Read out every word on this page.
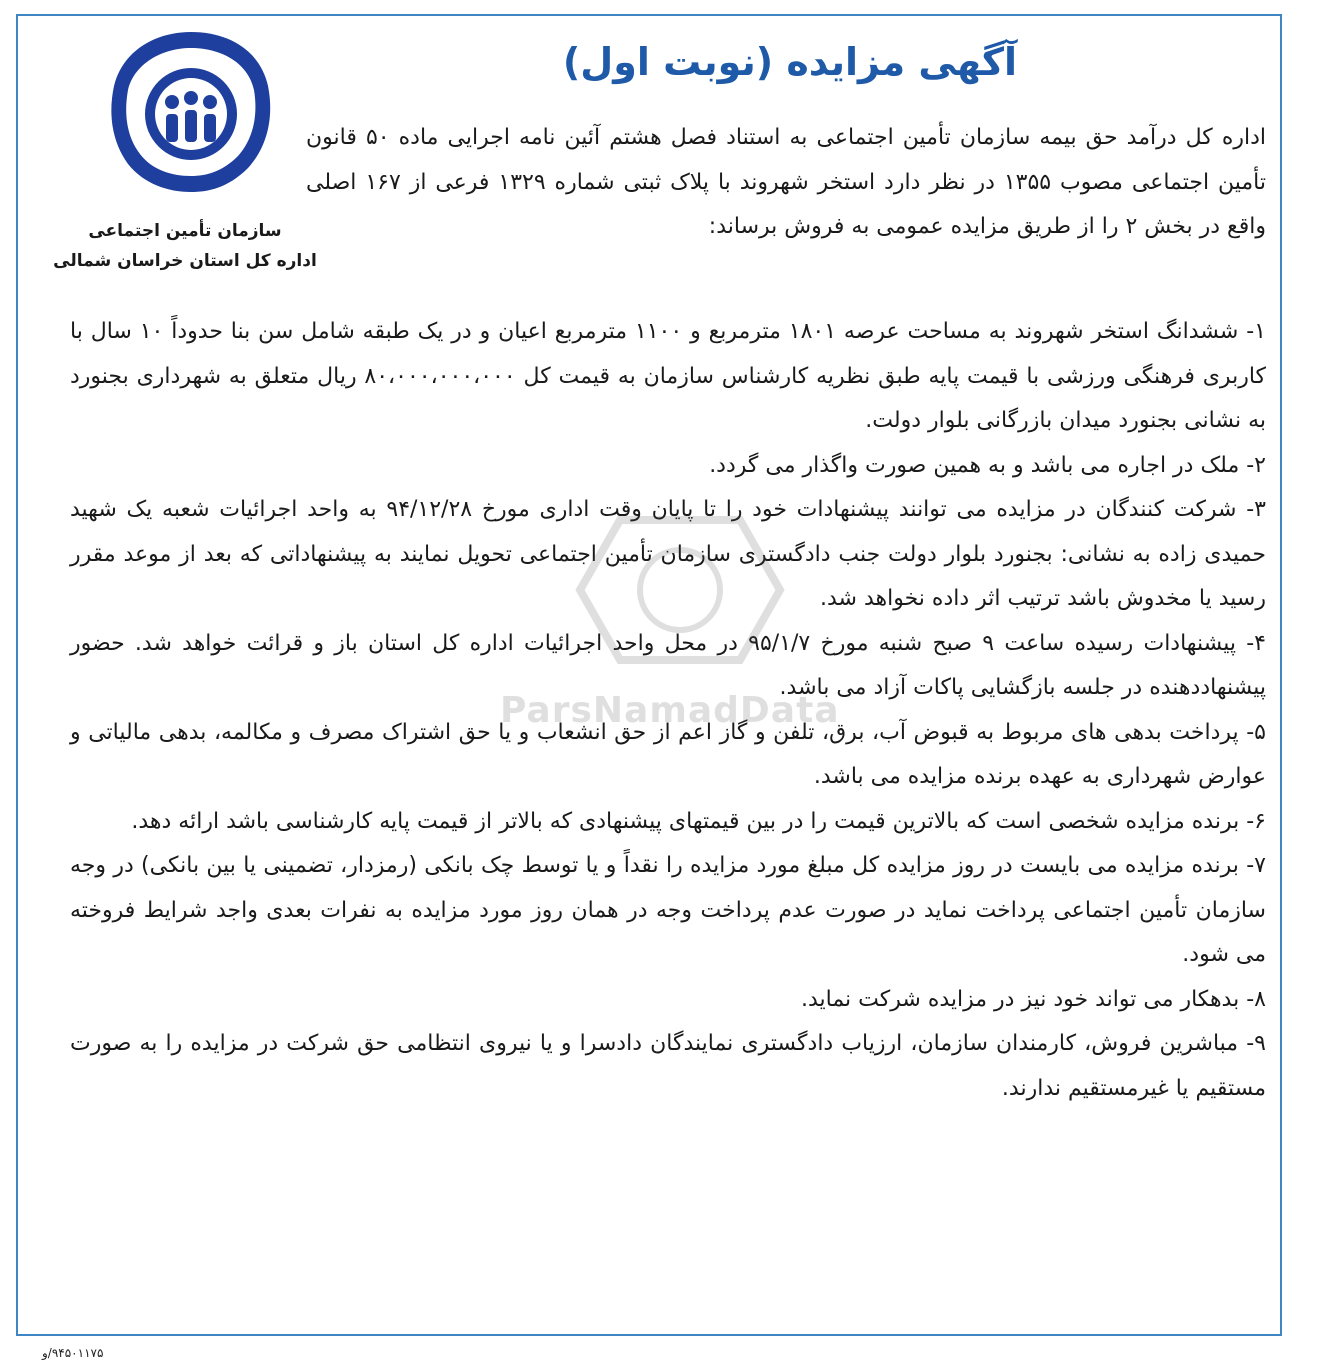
سازمان تأمین اجتماعی
اداره کل استان خراسان شمالی
آگهی مزایده (نوبت اول)
اداره کل درآمد حق بیمه سازمان تأمین اجتماعی به استناد فصل هشتم آئین نامه اجرایی ماده ۵۰ قانون تأمین اجتماعی مصوب ۱۳۵۵ در نظر دارد استخر شهروند با پلاک ثبتی شماره ۱۳۲۹ فرعی از ۱۶۷ اصلی واقع در بخش ۲ را از طریق مزایده عمومی به فروش برساند:

۱- ششدانگ استخر شهروند به مساحت عرصه ۱۸۰۱ مترمربع و ۱۱۰۰ مترمربع اعیان و در یک طبقه شامل سن بنا حدوداً ۱۰ سال با کاربری فرهنگی ورزشی با قیمت پایه طبق نظریه کارشناس سازمان به قیمت کل ۸۰،۰۰۰،۰۰۰،۰۰۰ ریال متعلق به شهرداری بجنورد به نشانی بجنورد میدان بازرگانی بلوار دولت.

۲- ملک در اجاره می باشد و به همین صورت واگذار می گردد.

۳- شرکت کنندگان در مزایده می توانند پیشنهادات خود را تا پایان وقت اداری مورخ ۹۴/۱۲/۲۸ به واحد اجرائیات شعبه یک شهید حمیدی زاده به نشانی: بجنورد بلوار دولت جنب دادگستری سازمان تأمین اجتماعی تحویل نمایند به پیشنهاداتی که بعد از موعد مقرر رسید یا مخدوش باشد ترتیب اثر داده نخواهد شد.

۴- پیشنهادات رسیده ساعت ۹ صبح شنبه مورخ ۹۵/۱/۷ در محل واحد اجرائیات اداره کل استان باز و قرائت خواهد شد. حضور پیشنهاددهنده در جلسه بازگشایی پاکات آزاد می باشد.

۵- پرداخت بدهی های مربوط به قبوض آب، برق، تلفن و گاز اعم از حق انشعاب و یا حق اشتراک مصرف و مکالمه، بدهی مالیاتی و عوارض شهرداری به عهده برنده مزایده می باشد.

۶- برنده مزایده شخصی است که بالاترین قیمت را در بین قیمتهای پیشنهادی که بالاتر از قیمت پایه کارشناسی باشد ارائه دهد.

۷- برنده مزایده می بایست در روز مزایده کل مبلغ مورد مزایده را نقداً و یا توسط چک بانکی (رمزدار، تضمینی یا بین بانکی) در وجه سازمان تأمین اجتماعی پرداخت نماید در صورت عدم پرداخت وجه در همان روز مورد مزایده به نفرات بعدی واجد شرایط فروخته می شود.

۸- بدهکار می تواند خود نیز در مزایده شرکت نماید.

۹- مباشرین فروش، کارمندان سازمان، ارزیاب دادگستری نمایندگان دادسرا و یا نیروی انتظامی حق شرکت در مزایده را به صورت مستقیم یا غیرمستقیم ندارند.

ParsNamadData
۹۴۵۰۱۱۷۵/و
